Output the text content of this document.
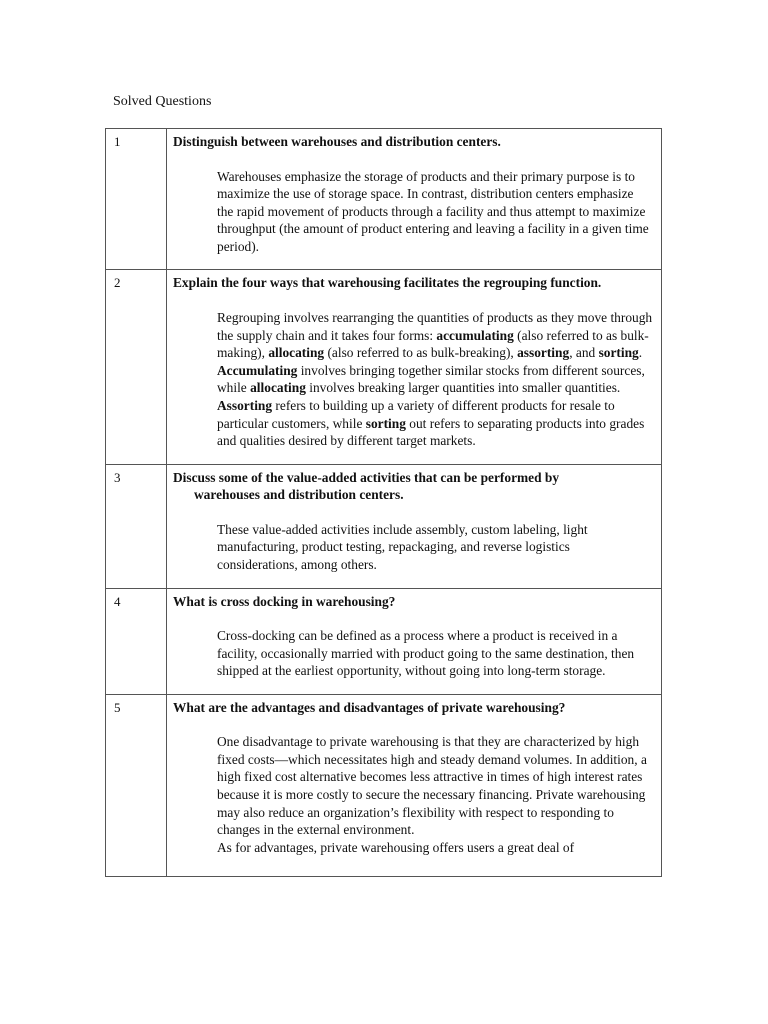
Solved Questions
1	Distinguish between warehouses and distribution centers.

Warehouses emphasize the storage of products and their primary purpose is to maximize the use of storage space. In contrast, distribution centers emphasize the rapid movement of products through a facility and thus attempt to maximize throughput (the amount of product entering and leaving a facility in a given time period).

2	Explain the four ways that warehousing facilitates the regrouping function.

Regrouping involves rearranging the quantities of products as they move through the supply chain and it takes four forms: accumulating (also referred to as bulk-making), allocating (also referred to as bulk-breaking), assorting, and sorting.

Accumulating involves bringing together similar stocks from different sources, while allocating involves breaking larger quantities into smaller quantities. Assorting refers to building up a variety of different products for resale to particular customers, while sorting out refers to separating products into grades and qualities desired by different target markets.

3	Discuss some of the value-added activities that can be performed by
warehouses and distribution centers.

These value-added activities include assembly, custom labeling, light manufacturing, product testing, repackaging, and reverse logistics considerations, among others.

4	What is cross docking in warehousing?

Cross-docking can be defined as a process where a product is received in a facility, occasionally married with product going to the same destination, then shipped at the earliest opportunity, without going into long-term storage.

5	What are the advantages and disadvantages of private warehousing?

One disadvantage to private warehousing is that they are characterized by high fixed costs—which necessitates high and steady demand volumes. In addition, a high fixed cost alternative becomes less attractive in times of high interest rates because it is more costly to secure the necessary financing. Private warehousing may also reduce an organization’s flexibility with respect to responding to changes in the external environment.

As for advantages, private warehousing offers users a great deal of
